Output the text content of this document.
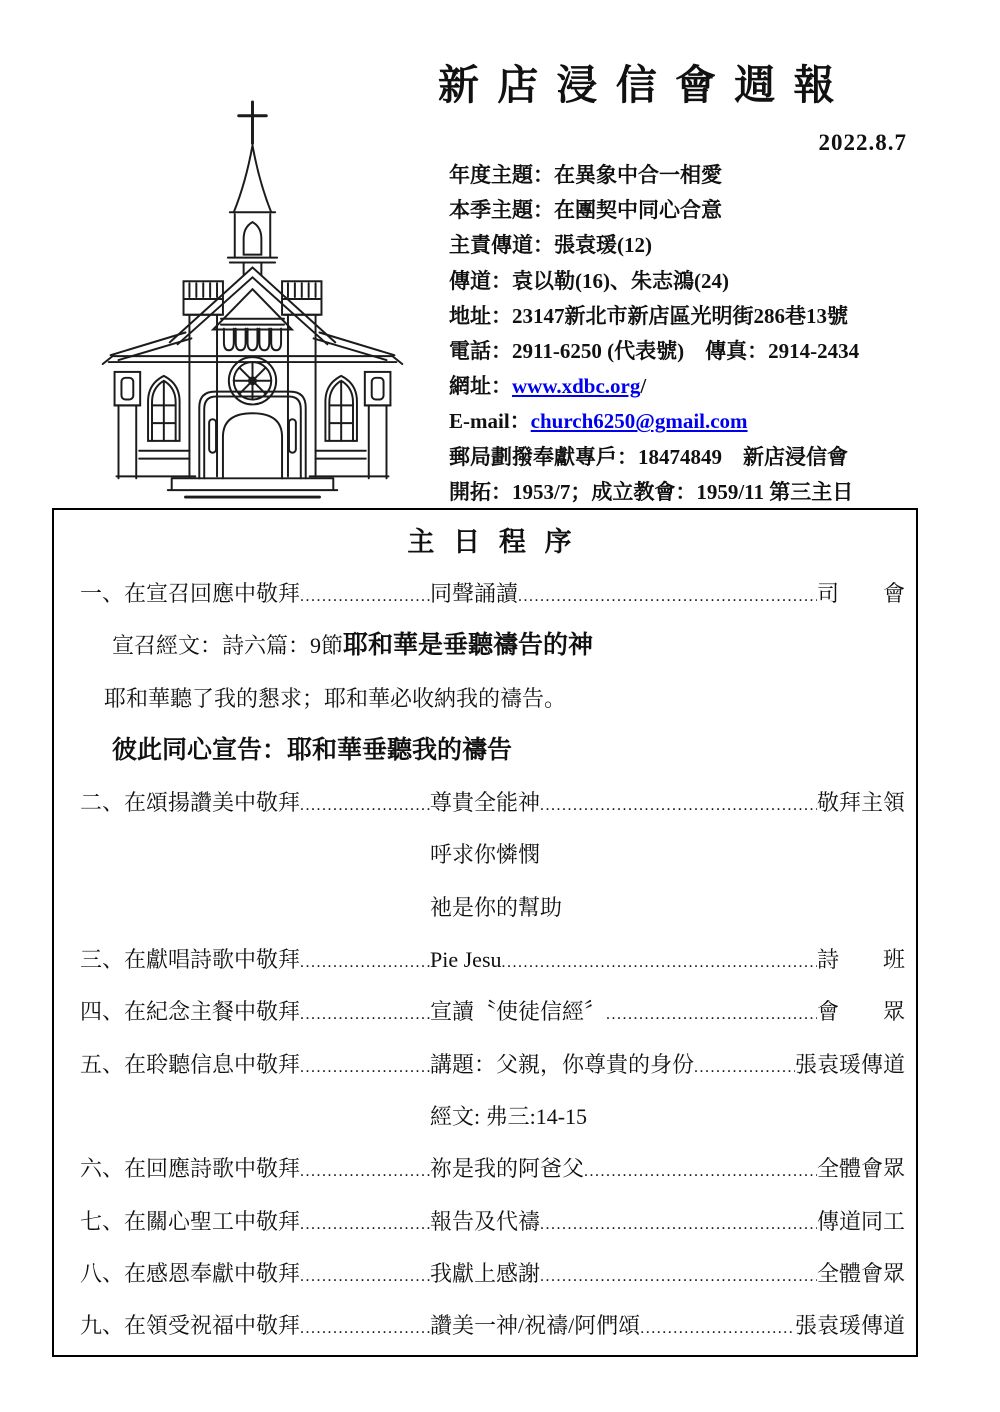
新 店 浸 信 會 週 報
2022.8.7
年度主題：在異象中合一相愛
本季主題：在團契中同心合意
主責傳道：張袁瑗(12)
傳道：袁以勒(16)、朱志鴻(24)
地址：23147新北市新店區光明街286巷13號
電話：2911-6250 (代表號)　傳真：2914-2434
網址：www.xdbc.org/
E-mail：church6250@gmail.com
郵局劃撥奉獻專戶：18474849　新店浸信會
開拓：1953/7；成立教會：1959/11 第三主日
主 日 程 序
一、在宣召回應中敬拜 .....	同聲誦讀 .....	司　　會
宣召經文：詩六篇：9節耶和華是垂聽禱告的神
耶和華聽了我的懇求；耶和華必收納我的禱告。
彼此同心宣告：耶和華垂聽我的禱告
二、在頌揚讚美中敬拜 .....	尊貴全能神 .....	敬拜主領
呼求你憐憫
祂是你的幫助
三、在獻唱詩歌中敬拜 .....	Pie Jesu .....	詩　　班
四、在紀念主餐中敬拜 .....	宣讀〝使徒信經〞 .....	會　　眾
五、在聆聽信息中敬拜 .....	講題：父親，你尊貴的身份 .....	張袁瑗傳道
經文: 弗三:14-15
六、在回應詩歌中敬拜 .....	祢是我的阿爸父 .....	全體會眾
七、在關心聖工中敬拜 .....	報告及代禱 .....	傳道同工
八、在感恩奉獻中敬拜 .....	我獻上感謝 .....	全體會眾
九、在領受祝福中敬拜 .....	讚美一神/祝禱/阿們頌 .....	張袁瑗傳道
